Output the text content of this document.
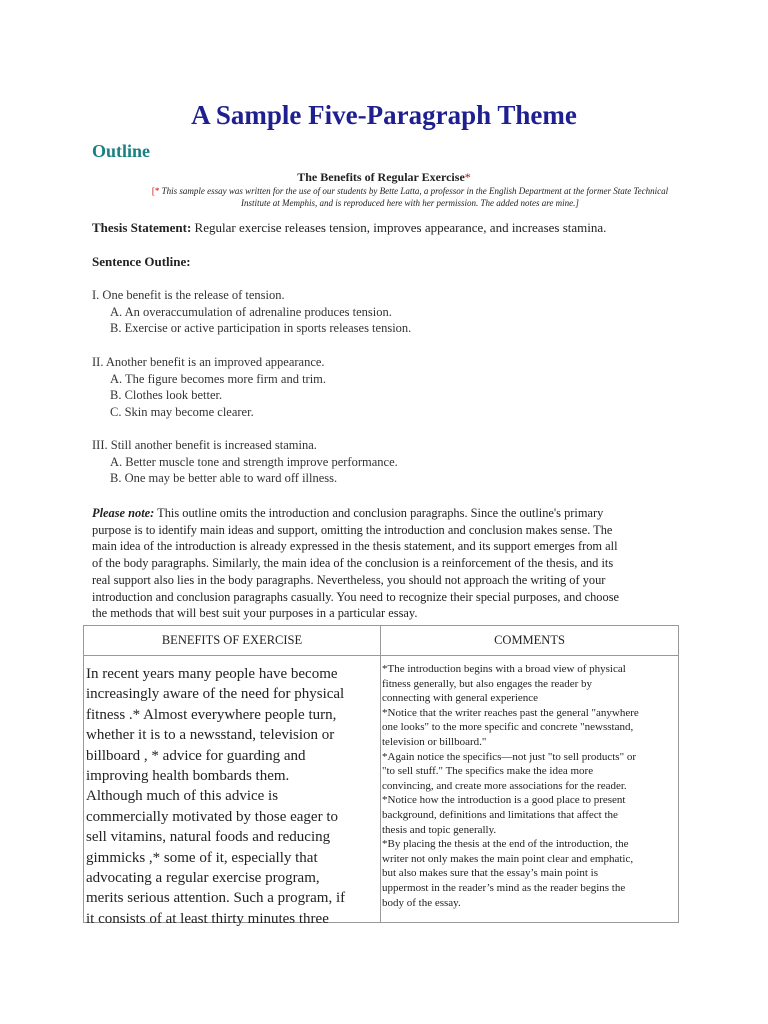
A Sample Five-Paragraph Theme
Outline
The Benefits of Regular Exercise*
[* This sample essay was written for the use of our students by Bette Latta, a professor in the English Department at the former State Technical
Institute at Memphis, and is reproduced here with her permission. The added notes are mine.]
Thesis Statement: Regular exercise releases tension, improves appearance, and increases stamina.
Sentence Outline:
I. One benefit is the release of tension.
A. An overaccumulation of adrenaline produces tension.
B. Exercise or active participation in sports releases tension.
II. Another benefit is an improved appearance.
A. The figure becomes more firm and trim.
B. Clothes look better.
C. Skin may become clearer.
III. Still another benefit is increased stamina.
A. Better muscle tone and strength improve performance.
B. One may be better able to ward off illness.
Please note: This outline omits the introduction and conclusion paragraphs. Since the outline's primary
purpose is to identify main ideas and support, omitting the introduction and conclusion makes sense. The
main idea of the introduction is already expressed in the thesis statement, and its support emerges from all
of the body paragraphs. Similarly, the main idea of the conclusion is a reinforcement of the thesis, and its
real support also lies in the body paragraphs. Nevertheless, you should not approach the writing of your
introduction and conclusion paragraphs casually. You need to recognize their special purposes, and choose
the methods that will best suit your purposes in a particular essay.
BENEFITS OF EXERCISE	COMMENTS
In recent years many people have become
increasingly aware of the need for physical
fitness .* Almost everywhere people turn,
whether it is to a newsstand, television or
billboard , * advice for guarding and
improving health bombards them.
Although much of this advice is
commercially motivated by those eager to
sell vitamins, natural foods and reducing
gimmicks ,* some of it, especially that
advocating a regular exercise program,
merits serious attention. Such a program, if
it consists of at least thirty minutes three
*The introduction begins with a broad view of physical
fitness generally, but also engages the reader by
connecting with general experience
*Notice that the writer reaches past the general "anywhere
one looks" to the more specific and concrete "newsstand,
television or billboard."
*Again notice the specifics—not just "to sell products" or
"to sell stuff." The specifics make the idea more
convincing, and create more associations for the reader.
*Notice how the introduction is a good place to present
background, definitions and limitations that affect the
thesis and topic generally.
*By placing the thesis at the end of the introduction, the
writer not only makes the main point clear and emphatic,
but also makes sure that the essay’s main point is
uppermost in the reader’s mind as the reader begins the
body of the essay.
